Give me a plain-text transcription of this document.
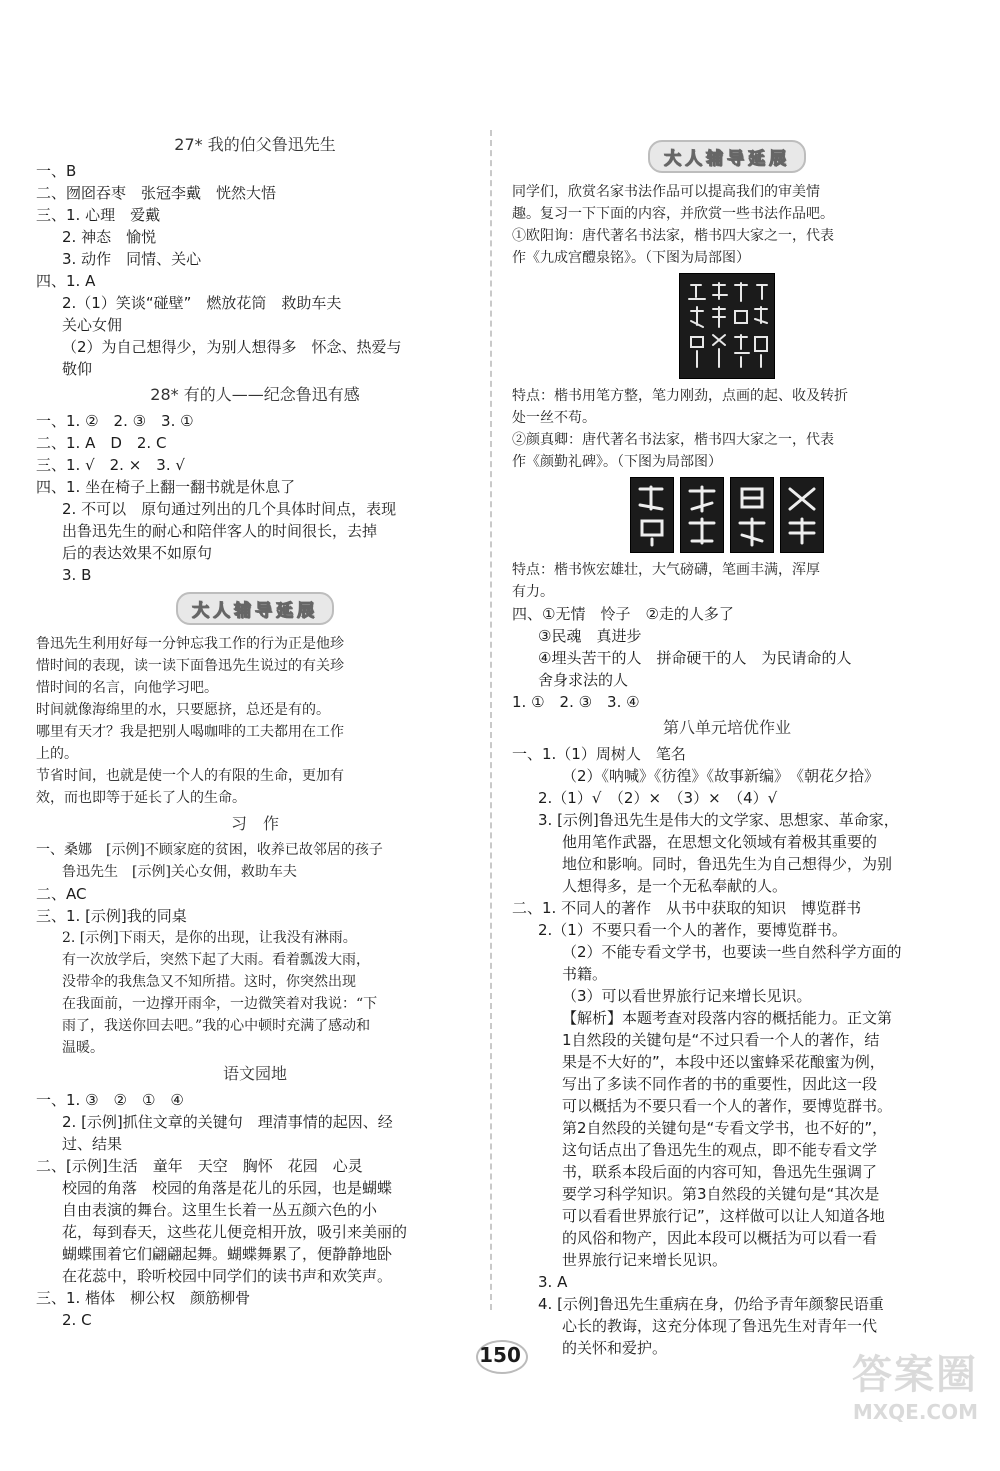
27* 我的伯父鲁迅先生
一、B
二、囫囵吞枣　张冠李戴　恍然大悟
三、1. 心理　爱戴
2. 神态　愉悦
3. 动作　同情、关心
四、1. A
2.（1）笑谈“碰壁”　燃放花筒　救助车夫
关心女佣
（2）为自己想得少，为别人想得多　怀念、热爱与
敬仰
28* 有的人——纪念鲁迅有感
一、1. ②　2. ③　3. ①
二、1. A　D　2. C
三、1. √　2. ×　3. √
四、1. 坐在椅子上翻一翻书就是休息了
2. 不可以　原句通过列出的几个具体时间点，表现
出鲁迅先生的耐心和陪伴客人的时间很长，去掉
后的表达效果不如原句
3. B
大人辅导延展
鲁迅先生利用好每一分钟忘我工作的行为正是他珍
惜时间的表现，读一读下面鲁迅先生说过的有关珍
惜时间的名言，向他学习吧。
时间就像海绵里的水，只要愿挤，总还是有的。
哪里有天才？我是把别人喝咖啡的工夫都用在工作
上的。
节省时间，也就是使一个人的有限的生命，更加有
效，而也即等于延长了人的生命。
习　作
一、桑娜　[示例]不顾家庭的贫困，收养已故邻居的孩子
鲁迅先生　[示例]关心女佣，救助车夫
二、AC
三、1. [示例]我的同桌
2. [示例]下雨天，是你的出现，让我没有淋雨。
有一次放学后，突然下起了大雨。看着瓢泼大雨，
没带伞的我焦急又不知所措。这时，你突然出现
在我面前，一边撑开雨伞，一边微笑着对我说：“下
雨了，我送你回去吧。”我的心中顿时充满了感动和
温暖。
语文园地
一、1. ③　②　①　④
2. [示例]抓住文章的关键句　理清事情的起因、经
过、结果
二、[示例]生活　童年　天空　胸怀　花园　心灵
校园的角落　校园的角落是花儿的乐园，也是蝴蝶
自由表演的舞台。这里生长着一丛五颜六色的小
花，每到春天，这些花儿便竞相开放，吸引来美丽的
蝴蝶围着它们翩翩起舞。蝴蝶舞累了，便静静地卧
在花蕊中，聆听校园中同学们的读书声和欢笑声。
三、1. 楷体　柳公权　颜筋柳骨
2. C
大人辅导延展
同学们，欣赏名家书法作品可以提高我们的审美情
趣。复习一下下面的内容，并欣赏一些书法作品吧。
①欧阳询：唐代著名书法家，楷书四大家之一，代表
作《九成宫醴泉铭》。（下图为局部图）
特点：楷书用笔方整，笔力刚劲，点画的起、收及转折
处一丝不苟。
②颜真卿：唐代著名书法家，楷书四大家之一，代表
作《颜勤礼碑》。（下图为局部图）
特点：楷书恢宏雄壮，大气磅礴，笔画丰满，浑厚
有力。
四、①无情　怜子　②走的人多了
③民魂　真进步
④埋头苦干的人　拼命硬干的人　为民请命的人
舍身求法的人
1. ①　2. ③　3. ④
第八单元培优作业
一、1.（1）周树人　笔名
（2）《呐喊》《彷徨》《故事新编》　《朝花夕拾》
2.（1）√　（2）×　（3）×　（4）√
3. [示例]鲁迅先生是伟大的文学家、思想家、革命家，
他用笔作武器，在思想文化领域有着极其重要的
地位和影响。同时，鲁迅先生为自己想得少，为别
人想得多，是一个无私奉献的人。
二、1. 不同人的著作　从书中获取的知识　博览群书
2.（1）不要只看一个人的著作，要博览群书。
（2）不能专看文学书，也要读一些自然科学方面的
书籍。
（3）可以看世界旅行记来增长见识。
【解析】本题考查对段落内容的概括能力。正文第
1自然段的关键句是“不过只看一个人的著作，结
果是不大好的”，本段中还以蜜蜂采花酿蜜为例，
写出了多读不同作者的书的重要性，因此这一段
可以概括为不要只看一个人的著作，要博览群书。
第2自然段的关键句是“专看文学书，也不好的”，
这句话点出了鲁迅先生的观点，即不能专看文学
书，联系本段后面的内容可知，鲁迅先生强调了
要学习科学知识。第3自然段的关键句是“其次是
可以看看世界旅行记”，这样做可以让人知道各地
的风俗和物产，因此本段可以概括为可以看一看
世界旅行记来增长见识。
3. A
4. [示例]鲁迅先生重病在身，仍给予青年颜黎民语重
心长的教诲，这充分体现了鲁迅先生对青年一代
的关怀和爱护。
150	答案圈
MXQE.COM
